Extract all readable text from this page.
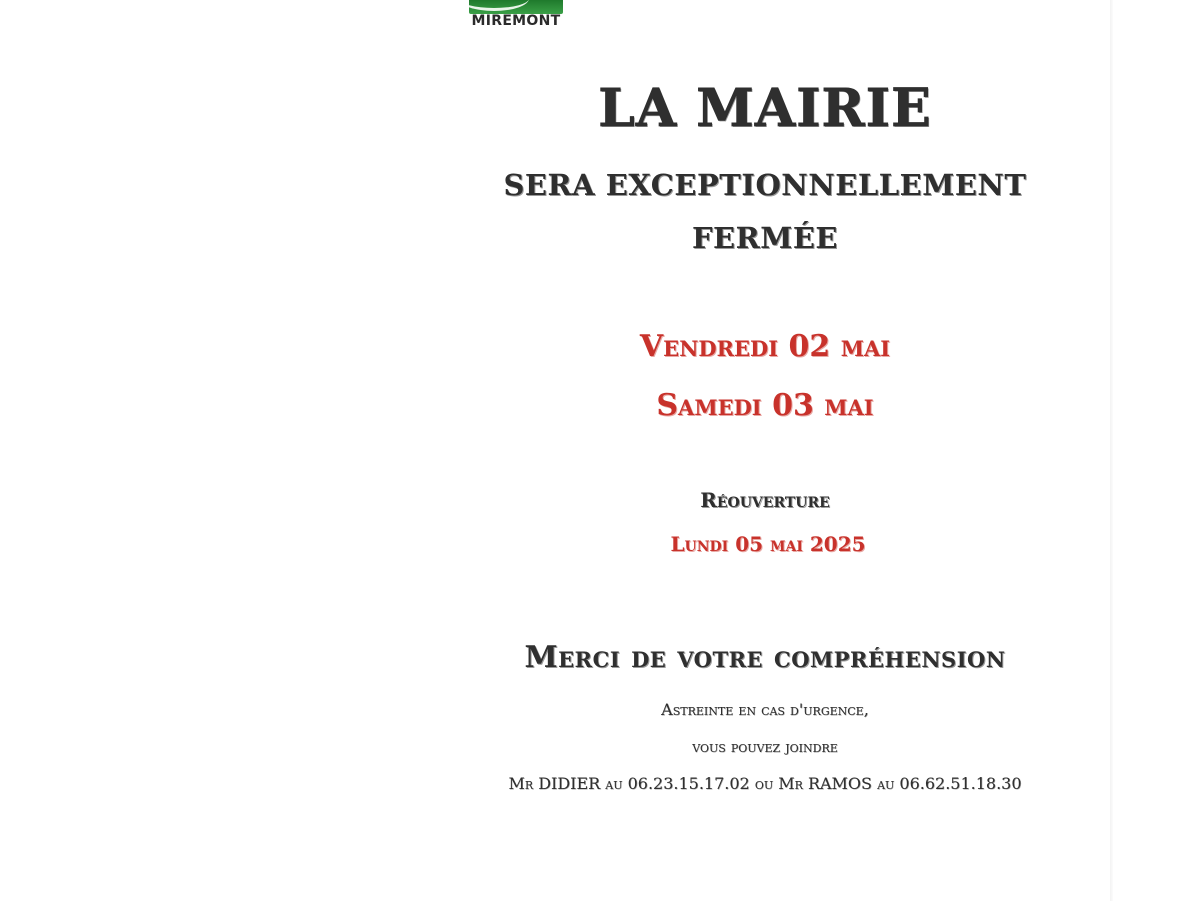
MIREMONT
LA MAIRIE
SERA EXCEPTIONNELLEMENT
FERMÉE
Vendredi 02 mai
Samedi 03 mai
Réouverture
Lundi 05 mai 2025
Merci de votre compréhension
Astreinte en cas d'urgence,
vous pouvez joindre
Mr DIDIER au 06.23.15.17.02 ou Mr RAMOS au 06.62.51.18.30
